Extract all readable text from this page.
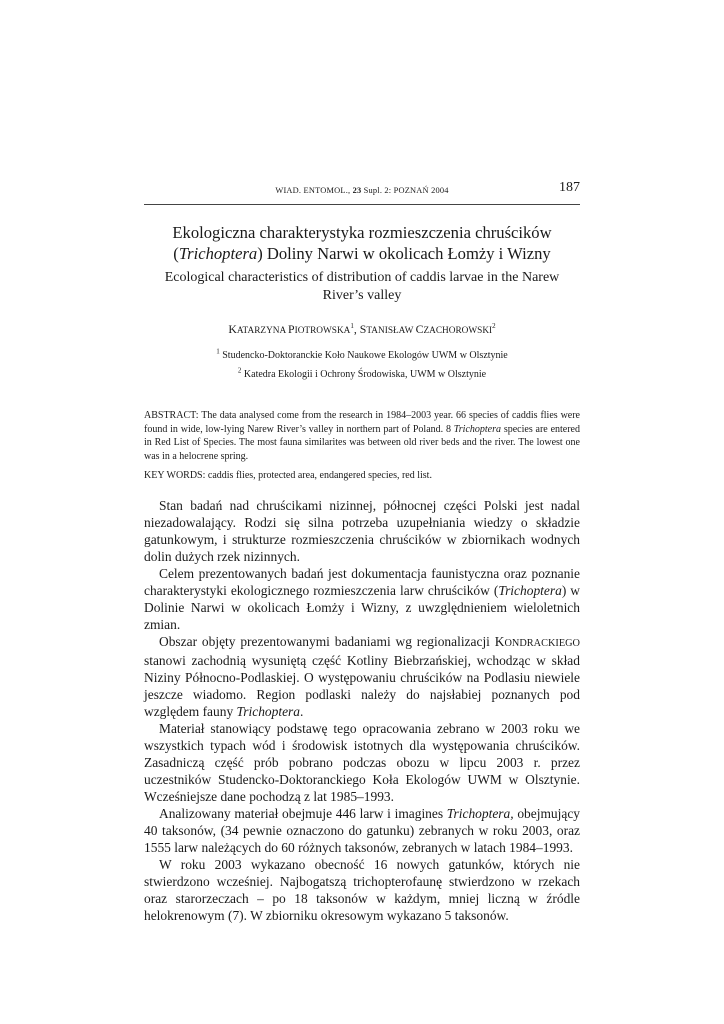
WIAD. ENTOMOL., 23 Supl. 2: POZNAŃ 2004	187
Ekologiczna charakterystyka rozmieszczenia chruścików
(Trichoptera) Doliny Narwi w okolicach Łomży i Wizny
Ecological characteristics of distribution of caddis larvae in the Narew River’s valley
KATARZYNA PIOTROWSKA$^1$, STANISŁAW CZACHOROWSKI$^2$
$^1$ Studencko-Doktoranckie Koło Naukowe Ekologów UWM w Olsztynie
$^2$ Katedra Ekologii i Ochrony Środowiska, UWM w Olsztynie
ABSTRACT: The data analysed come from the research in 1984–2003 year. 66 species of caddis flies were found in wide, low-lying Narew River’s valley in northern part of Poland. 8 Trichoptera species are entered in Red List of Species. The most fauna similarites was between old river beds and the river. The lowest one was in a helocrene spring.
KEY WORDS: caddis flies, protected area, endangered species, red list.

Stan badań nad chruścikami nizinnej, północnej części Polski jest nadal niezadowalający. Rodzi się silna potrzeba uzupełniania wiedzy o składzie gatunkowym, i strukturze rozmieszczenia chruścików w zbiornikach wodnych dolin dużych rzek nizinnych.

Celem prezentowanych badań jest dokumentacja faunistyczna oraz poznanie charakterystyki ekologicznego rozmieszczenia larw chruścików (Trichoptera) w Dolinie Narwi w okolicach Łomży i Wizny, z uwzględnieniem wieloletnich zmian.

Obszar objęty prezentowanymi badaniami wg regionalizacji KONDRACKIEGO stanowi zachodnią wysuniętą część Kotliny Biebrzańskiej, wchodząc w skład Niziny Północno-Podlaskiej. O występowaniu chruścików na Podlasiu niewiele jeszcze wiadomo. Region podlaski należy do najsłabiej poznanych pod względem fauny Trichoptera.

Materiał stanowiący podstawę tego opracowania zebrano w 2003 roku we wszystkich typach wód i środowisk istotnych dla występowania chruścików. Zasadniczą część prób pobrano podczas obozu w lipcu 2003 r. przez uczestników Studencko-Doktoranckiego Koła Ekologów UWM w Olsztynie. Wcześniejsze dane pochodzą z lat 1985–1993.

Analizowany materiał obejmuje 446 larw i imagines Trichoptera, obejmujący 40 taksonów, (34 pewnie oznaczono do gatunku) zebranych w roku 2003, oraz 1555 larw należących do 60 różnych taksonów, zebranych w latach 1984–1993.

W roku 2003 wykazano obecność 16 nowych gatunków, których nie stwierdzono wcześniej. Najbogatszą trichopterofaunę stwierdzono w rzekach oraz starorzeczach – po 18 taksonów w każdym, mniej liczną w źródle helokrenowym (7). W zbiorniku okresowym wykazano 5 taksonów.
